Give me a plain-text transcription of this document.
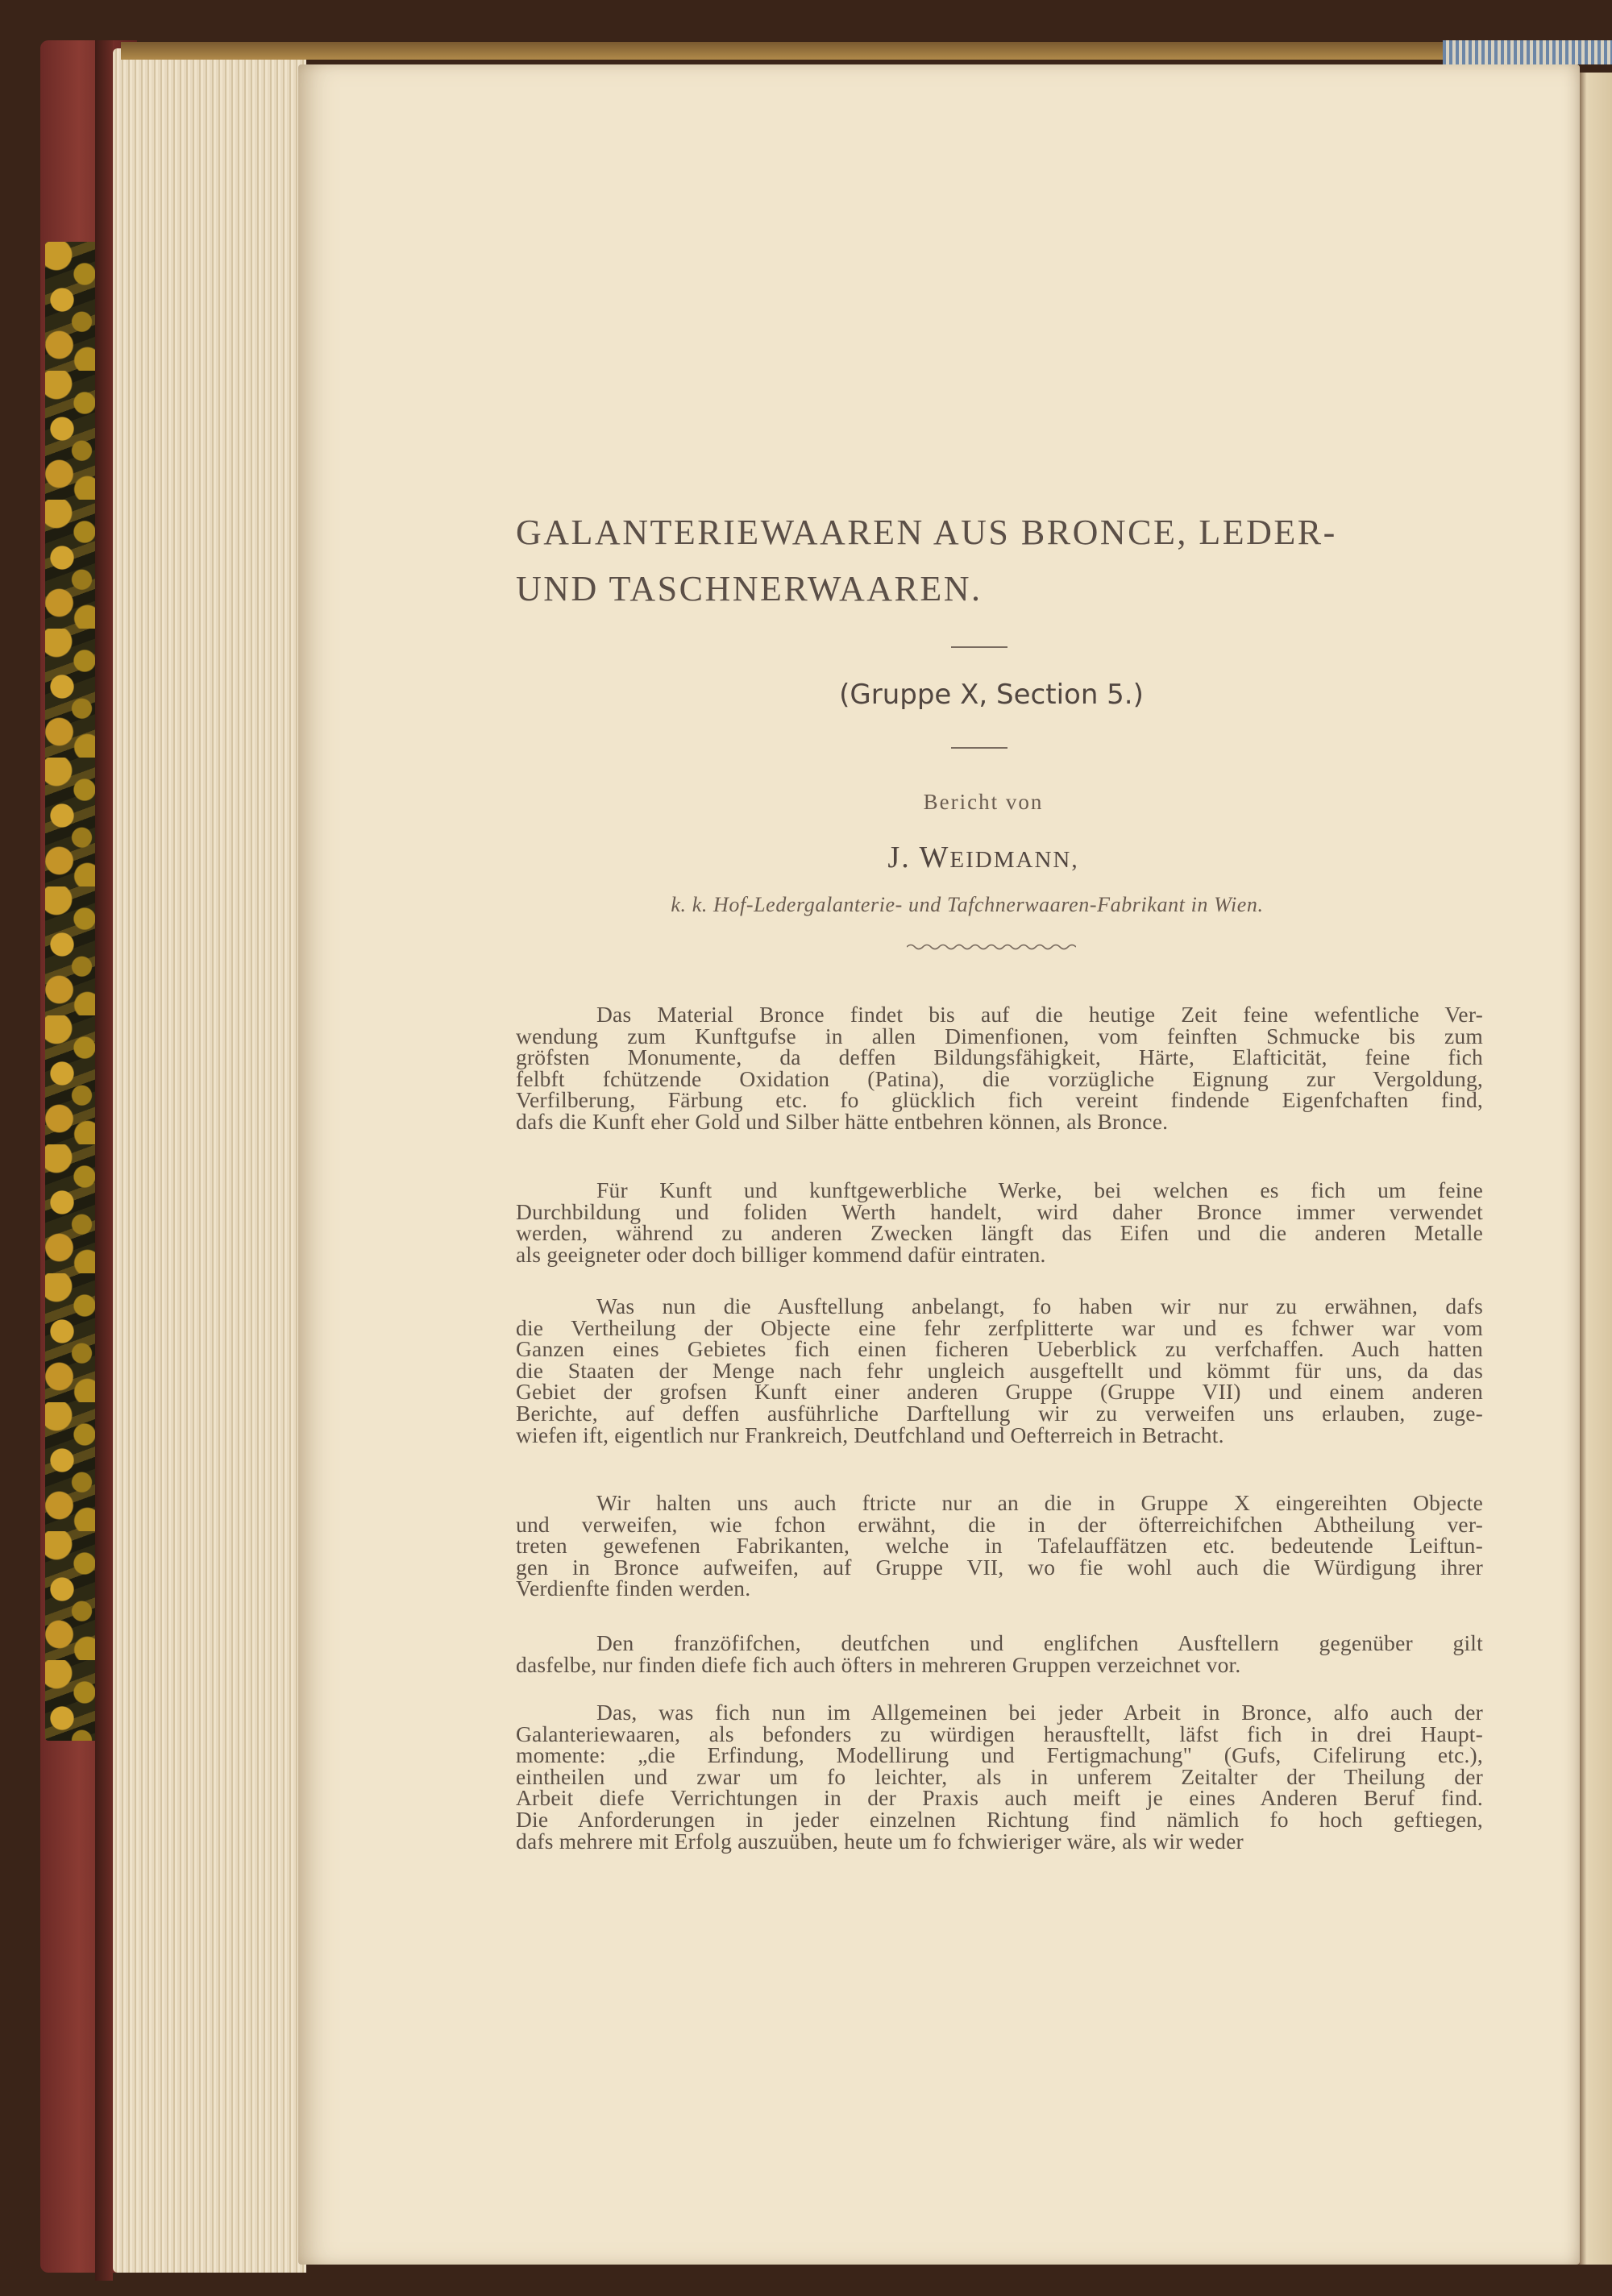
GALANTERIEWAAREN AUS BRONCE, LEDER-
UND TASCHNERWAAREN.
(Gruppe X, Section 5.)
Bericht von
J. WEIDMANN,
k. k. Hof-Ledergalanterie- und Tafchnerwaaren-Fabrikant in Wien.
Das Material Bronce findet bis auf die heutige Zeit feine wefentliche Ver-
wendung zum Kunftgufse in allen Dimenfionen, vom feinften Schmucke bis zum
gröfsten Monumente, da deffen Bildungsfähigkeit, Härte, Elafticität, feine fich
felbft fchützende Oxidation (Patina), die vorzügliche Eignung zur Vergoldung,
Verfilberung, Färbung etc. fo glücklich fich vereint findende Eigenfchaften find,
dafs die Kunft eher Gold und Silber hätte entbehren können, als Bronce.
Für Kunft und kunftgewerbliche Werke, bei welchen es fich um feine
Durchbildung und foliden Werth handelt, wird daher Bronce immer verwendet
werden, während zu anderen Zwecken längft das Eifen und die anderen Metalle
als geeigneter oder doch billiger kommend dafür eintraten.
Was nun die Ausftellung anbelangt, fo haben wir nur zu erwähnen, dafs
die Vertheilung der Objecte eine fehr zerfplitterte war und es fchwer war vom
Ganzen eines Gebietes fich einen ficheren Ueberblick zu verfchaffen. Auch hatten
die Staaten der Menge nach fehr ungleich ausgeftellt und kömmt für uns, da das
Gebiet der grofsen Kunft einer anderen Gruppe (Gruppe VII) und einem anderen
Berichte, auf deffen ausführliche Darftellung wir zu verweifen uns erlauben, zuge-
wiefen ift, eigentlich nur Frankreich, Deutfchland und Oefterreich in Betracht.
Wir halten uns auch ftricte nur an die in Gruppe X eingereihten Objecte
und verweifen, wie fchon erwähnt, die in der öfterreichifchen Abtheilung ver-
treten gewefenen Fabrikanten, welche in Tafelauffätzen etc. bedeutende Leiftun-
gen in Bronce aufweifen, auf Gruppe VII, wo fie wohl auch die Würdigung ihrer
Verdienfte finden werden.
Den franzöfifchen, deutfchen und englifchen Ausftellern gegenüber gilt
dasfelbe, nur finden diefe fich auch öfters in mehreren Gruppen verzeichnet vor.
Das, was fich nun im Allgemeinen bei jeder Arbeit in Bronce, alfo auch der
Galanteriewaaren, als befonders zu würdigen herausftellt, läfst fich in drei Haupt-
momente: „die Erfindung, Modellirung und Fertigmachung" (Gufs, Cifelirung etc.),
eintheilen und zwar um fo leichter, als in unferem Zeitalter der Theilung der
Arbeit diefe Verrichtungen in der Praxis auch meift je eines Anderen Beruf find.
Die Anforderungen in jeder einzelnen Richtung find nämlich fo hoch geftiegen,
dafs mehrere mit Erfolg auszuüben, heute um fo fchwieriger wäre, als wir weder
